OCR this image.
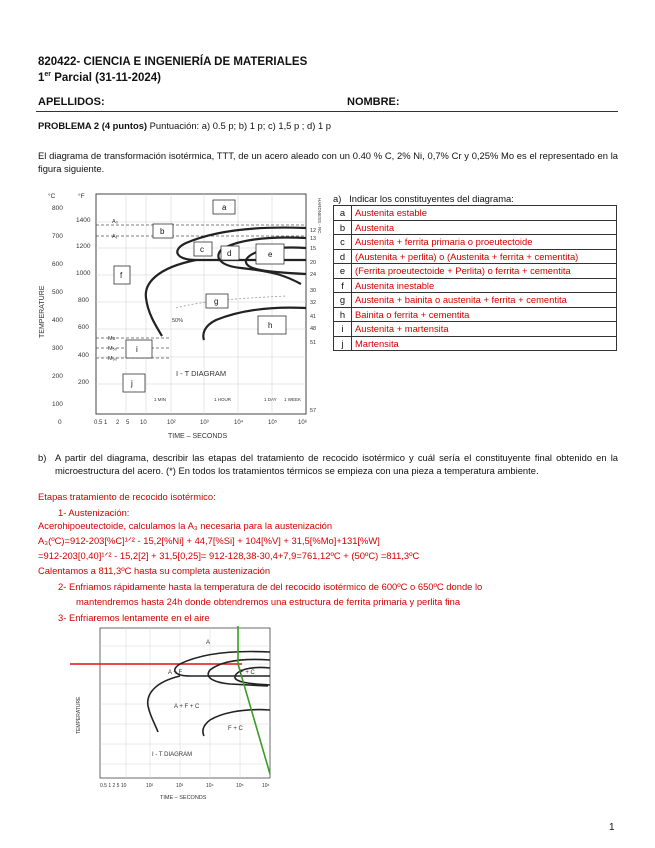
820422- CIENCIA E INGENIERÍA DE MATERIALES
1er Parcial (31-11-2024)
APELLIDOS:	NOMBRE:
PROBLEMA 2 (4 puntos) Puntuación: a) 0.5 p; b) 1 p; c) 1,5 p ; d) 1 p
El diagrama de transformación isotérmica, TTT, de un acero aleado con un 0.40 % C, 2% Ni, 0,7% Cr y 0,25% Mo es el representado en la figura siguiente.
°C	°F
TEMPERATURE
800
700
600
500
400
300
200
100
0
1400
1200
1000
800
600
400
200
A₃
A₁
Ms
M₅₀
M₉₀
50%
a
b
c	d	e
f
g
h
i
j
I - T DIAGRAM
1 MIN	1 HOUR	1 DAY 1 WEEK
0.5 1 2 5 10	10²	10³	10⁴	10⁵	10⁶
TIME – SECONDS
HARDNESS - RC
12
13
15
20
24
30
32
41
48
51
57
a) Indicar los constituyentes del diagrama:
a	Austenita estable
b	Austenita
c	Austenita + ferrita primaria o proeutectoide
d	(Austenita + perlita) o (Austenita + ferrita + cementita)
e	(Ferrita proeutectoide + Perlita) o ferrita + cementita
f	Austenita inestable
g	Austenita + bainita o austenita + ferrita + cementita
h	Bainita o ferrita + cementita
i	Austenita + martensita
j	Martensita
b) A partir del diagrama, describir las etapas del tratamiento de recocido isotérmico y cuál sería el constituyente final obtenido en la microestructura del acero. (*) En todos los tratamientos térmicos se empieza con una pieza a temperatura ambiente.
Etapas tratamiento de recocido isotérmico:
1- Austenización:
Acerohipoeutectoide, calculamos la A₃ necesaria para la austenización
A₃(ºC)=912-203[%C]¹ᐟ² - 15,2[%Ni] + 44,7[%Si] + 104[%V] + 31,5[%Mo]+131[%W]
=912-203[0,40]¹ᐟ² - 15,2[2] + 31,5[0,25]= 912-128,38-30,4+7,9=761,12ºC + (50ºC) =811,3ºC
Calentamos a 811,3ºC hasta su completa austenización
2- Enfriamos rápidamente hasta la temperatura de del recocido isotérmico de 600ºC o 650ºC donde lo
mantendremos hasta 24h donde obtendremos una estructura de ferrita primaria y perlita fina
3- Enfriaremos lentamente en el aire
TEMPERATURE
A
A + F	F + C
A + F + C
F + C
I - T DIAGRAM
0.5 1 2 5 10	10²	10³	10⁴	10⁵	10⁶
TIME – SECONDS
1
